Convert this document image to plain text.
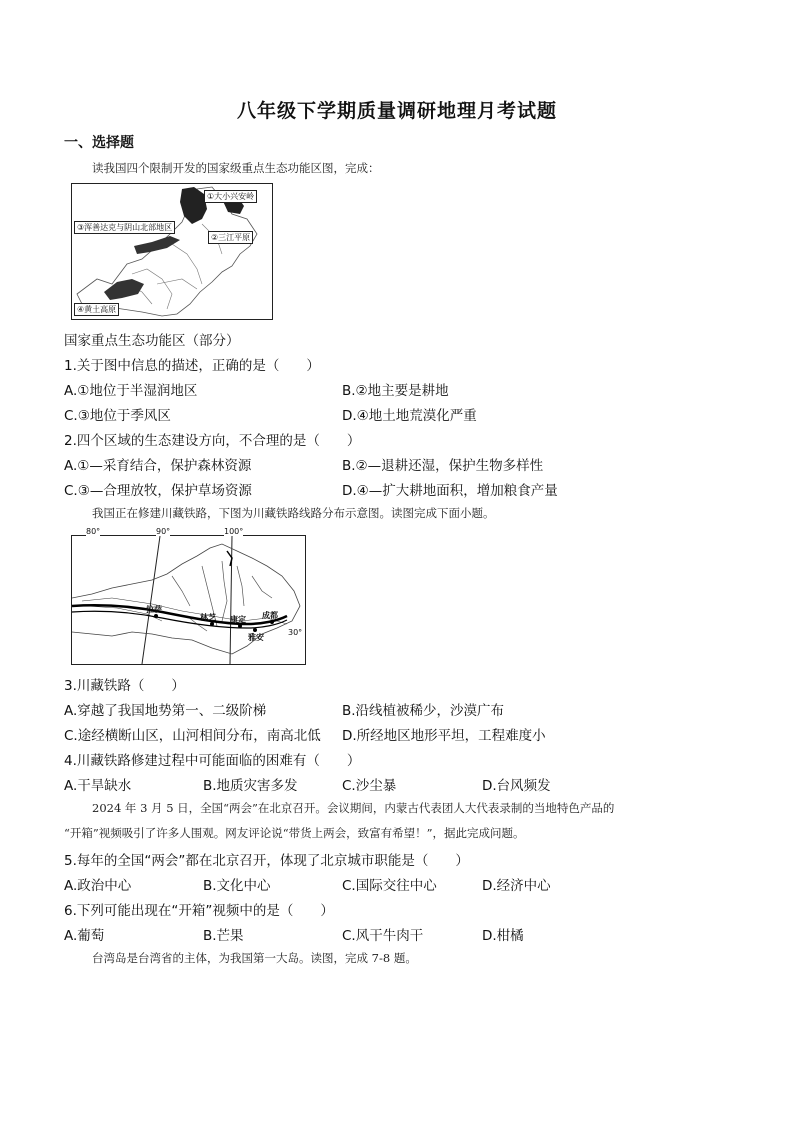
八年级下学期质量调研地理月考试题
一、选择题
读我国四个限制开发的国家级重点生态功能区图，完成：
①大小兴安岭
③浑善达克与阴山北部地区
②三江平原
④黄土高原
国家重点生态功能区（部分）
1.关于图中信息的描述，正确的是（　　）
A.①地位于半湿润地区	B.②地主要是耕地
C.③地位于季风区	D.④地土地荒漠化严重
2.四个区域的生态建设方向，不合理的是（　　）
A.①—采育结合，保护森林资源	B.②—退耕还湿，保护生物多样性
C.③—合理放牧，保护草场资源	D.④—扩大耕地面积，增加粮食产量
我国正在修建川藏铁路，下图为川藏铁路线路分布示意图。读图完成下面小题。
80°	90°	100°
30°
拉萨
林芝 康定 成都
雅安
3.川藏铁路（　　）
A.穿越了我国地势第一、二级阶梯	B.沿线植被稀少，沙漠广布
C.途经横断山区，山河相间分布，南高北低 D.所经地区地形平坦，工程难度小
4.川藏铁路修建过程中可能面临的困难有（　　）
A.干旱缺水	B.地质灾害多发	C.沙尘暴	D.台风频发
2024 年 3 月 5 日，全国“两会”在北京召开。会议期间，内蒙古代表团人大代表录制的当地特色产品的
“开箱”视频吸引了许多人围观。网友评论说“带货上两会，致富有希望！”，据此完成问题。
5.每年的全国“两会”都在北京召开，体现了北京城市职能是（　　）
A.政治中心	B.文化中心	C.国际交往中心	D.经济中心
6.下列可能出现在“开箱”视频中的是（　　）
A.葡萄	B.芒果	C.风干牛肉干	D.柑橘
台湾岛是台湾省的主体，为我国第一大岛。读图，完成 7-8 题。
